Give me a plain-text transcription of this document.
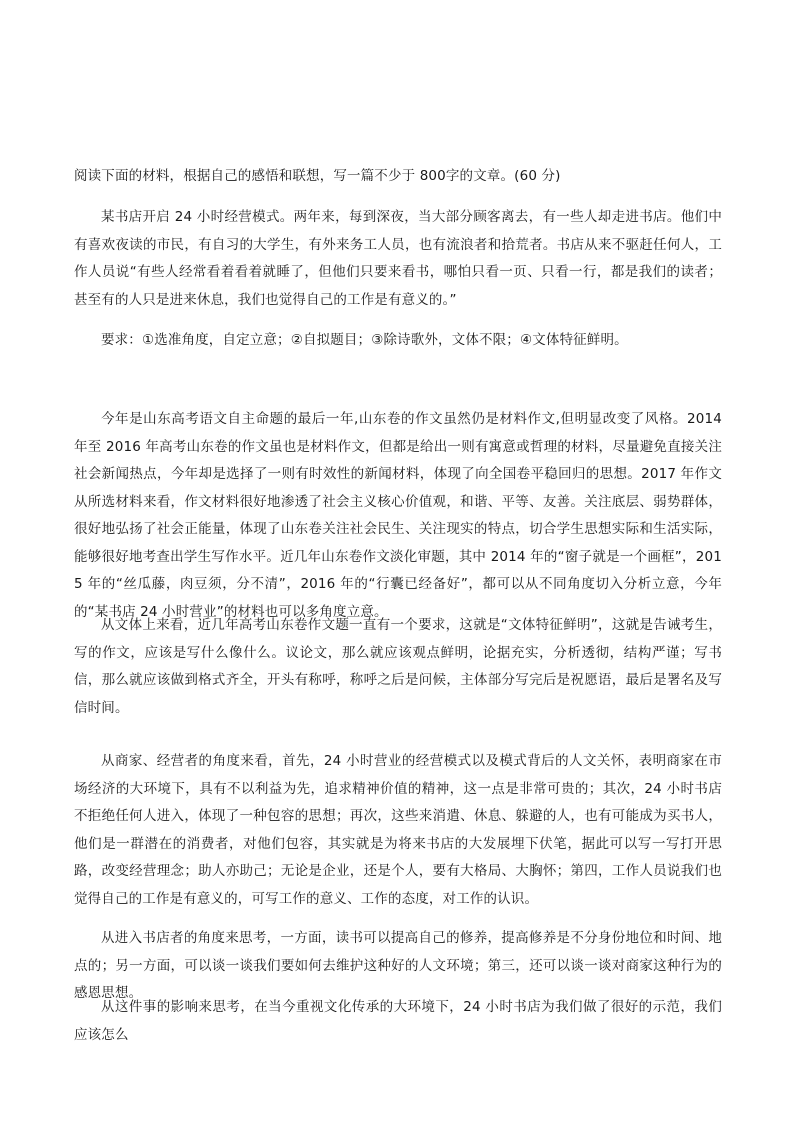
阅读下面的材料，根据自己的感悟和联想，写一篇不少于 800字的文章。(60 分)

某书店开启 24 小时经营模式。两年来，每到深夜，当大部分顾客离去，有一些人却走进书店。他们中有喜欢夜读的市民，有自习的大学生，有外来务工人员，也有流浪者和拾荒者。书店从来不驱赶任何人，工作人员说“有些人经常看着看着就睡了，但他们只要来看书，哪怕只看一页、只看一行，都是我们的读者；甚至有的人只是进来休息，我们也觉得自己的工作是有意义的。”

要求：①选准角度，自定立意；②自拟题目；③除诗歌外，文体不限；④文体特征鲜明。

今年是山东高考语文自主命题的最后一年,山东卷的作文虽然仍是材料作文,但明显改变了风格。2014 年至 2016 年高考山东卷的作文虽也是材料作文，但都是给出一则有寓意或哲理的材料，尽量避免直接关注社会新闻热点，今年却是选择了一则有时效性的新闻材料，体现了向全国卷平稳回归的思想。2017 年作文从所选材料来看，作文材料很好地渗透了社会主义核心价值观，和谐、平等、友善。关注底层、弱势群体，很好地弘扬了社会正能量，体现了山东卷关注社会民生、关注现实的特点，切合学生思想实际和生活实际，能够很好地考查出学生写作水平。近几年山东卷作文淡化审题，其中 2014 年的“窗子就是一个画框”，2015 年的“丝瓜藤，肉豆须，分不清”，2016 年的“行囊已经备好”，都可以从不同角度切入分析立意，今年的“某书店 24 小时营业”的材料也可以多角度立意。

从文体上来看，近几年高考山东卷作文题一直有一个要求，这就是“文体特征鲜明”，这就是告诫考生，写的作文，应该是写什么像什么。议论文，那么就应该观点鲜明，论据充实，分析透彻，结构严谨；写书信，那么就应该做到格式齐全，开头有称呼，称呼之后是问候，主体部分写完后是祝愿语，最后是署名及写信时间。

从商家、经营者的角度来看，首先，24 小时营业的经营模式以及模式背后的人文关怀，表明商家在市场经济的大环境下，具有不以利益为先，追求精神价值的精神，这一点是非常可贵的；其次，24 小时书店不拒绝任何人进入，体现了一种包容的思想；再次，这些来消遣、休息、躲避的人，也有可能成为买书人，他们是一群潜在的消费者，对他们包容，其实就是为将来书店的大发展埋下伏笔，据此可以写一写打开思路，改变经营理念；助人亦助己；无论是企业，还是个人，要有大格局、大胸怀；第四，工作人员说我们也觉得自己的工作是有意义的，可写工作的意义、工作的态度，对工作的认识。

从进入书店者的角度来思考，一方面，读书可以提高自己的修养，提高修养是不分身份地位和时间、地点的；另一方面，可以谈一谈我们要如何去维护这种好的人文环境；第三，还可以谈一谈对商家这种行为的感恩思想。

从这件事的影响来思考，在当今重视文化传承的大环境下，24 小时书店为我们做了很好的示范，我们应该怎么
